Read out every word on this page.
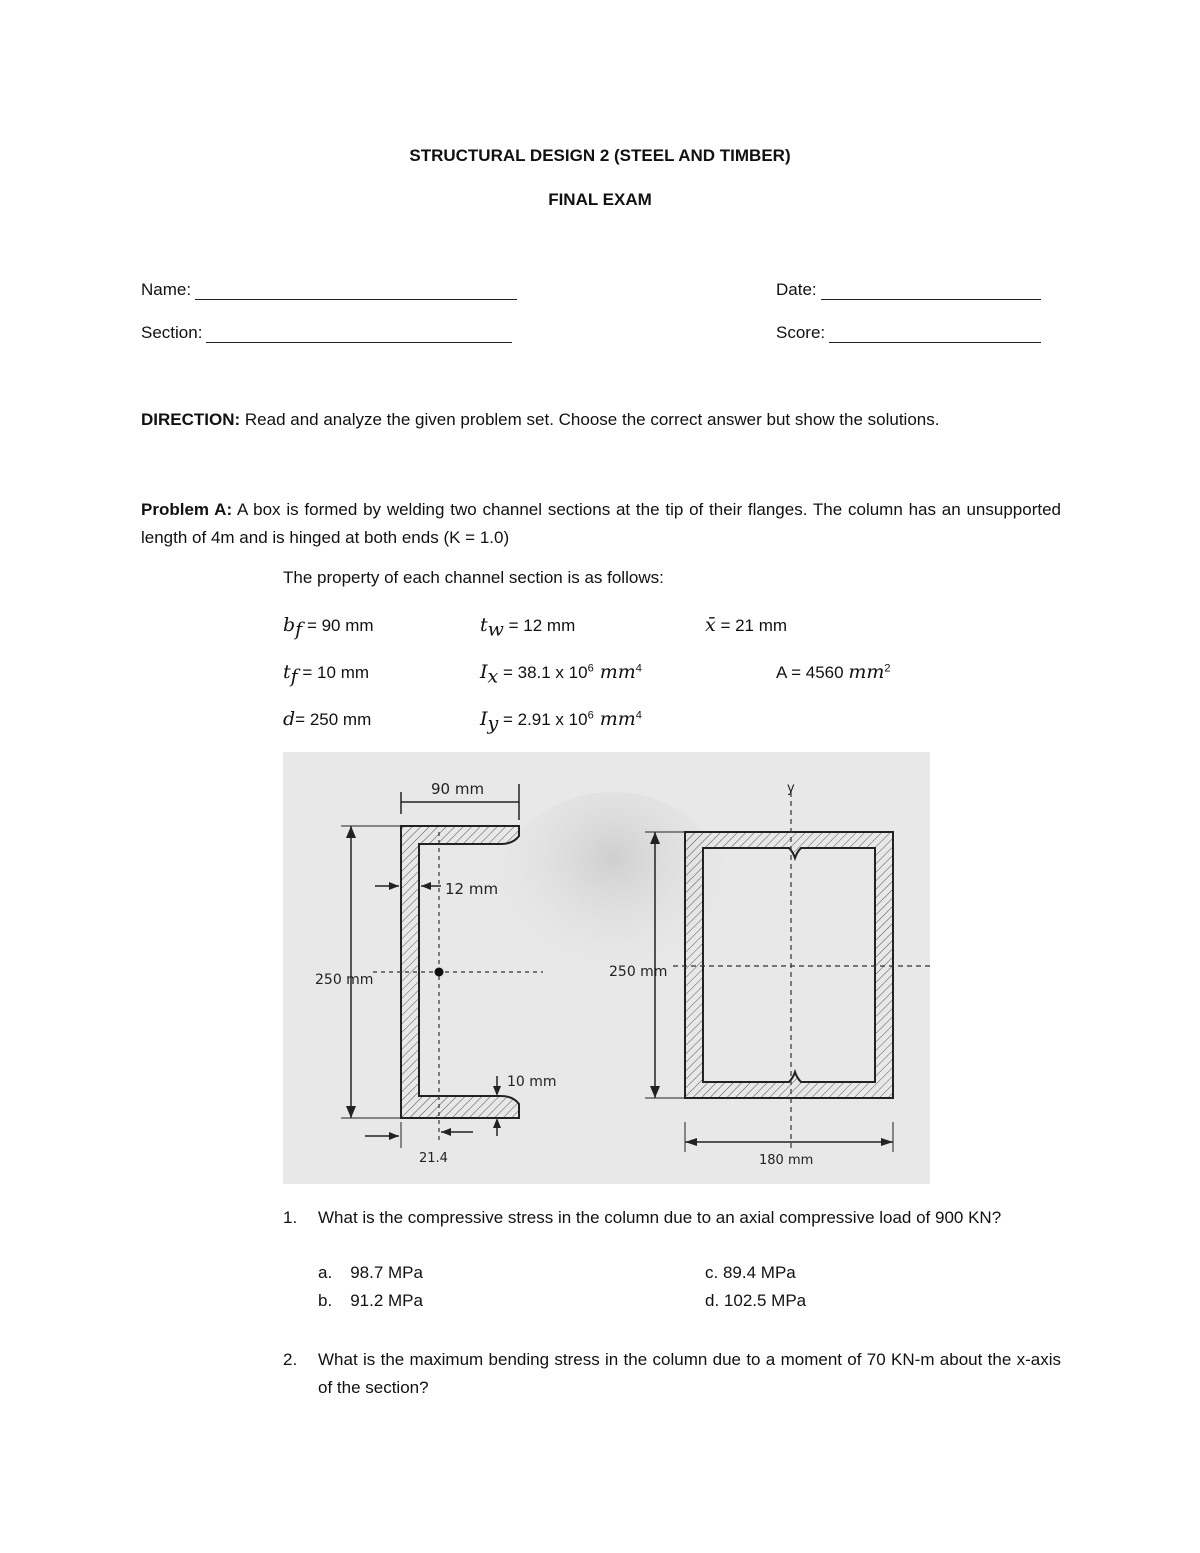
STRUCTURAL DESIGN 2 (STEEL AND TIMBER)
FINAL EXAM
Name:	Date:
Section:	Score:
DIRECTION: Read and analyze the given problem set. Choose the correct answer but show the solutions.
Problem A: A box is formed by welding two channel sections at the tip of their flanges. The column has an unsupported length of 4m and is hinged at both ends (K = 1.0)
The property of each channel section is as follows:
$b_f = 90$ mm	$t_w = 12$ mm	x̄ = 21 mm
$t_f = 10$ mm	$I_x = 38.1$ x $10^6$ $mm^4$	A = 4560 $mm^2$
d= 250 mm	$I_y = 2.91$ x $10^6$ $mm^4$
90 mm
250 mm
12 mm
10 mm
21.4
y
250 mm
180 mm
1. What is the compressive stress in the column due to an axial compressive load of 900 KN?
a. 98.7 MPa	c. 89.4 MPa
b. 91.2 MPa	d. 102.5 MPa
2. What is the maximum bending stress in the column due to a moment of 70 KN-m about the x-axis of the section?
